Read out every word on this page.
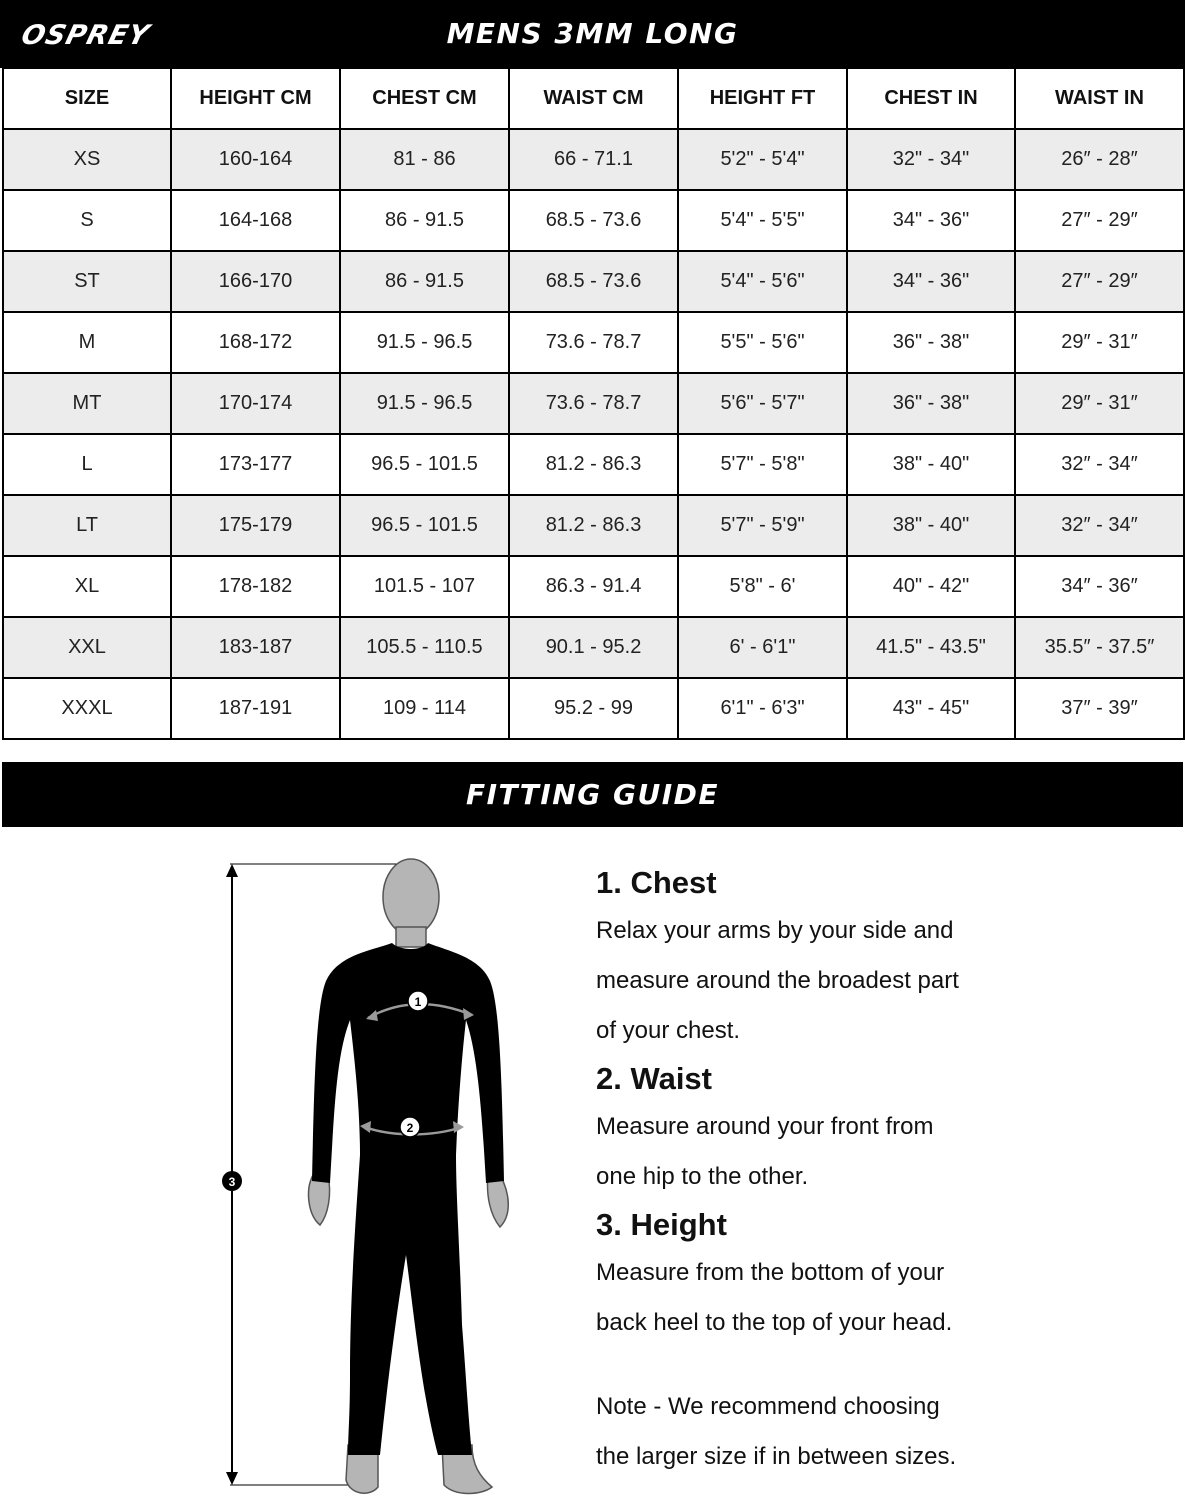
OSPREY	MENS 3MM LONG
SIZE	HEIGHT CM	CHEST CM	WAIST CM	HEIGHT FT	CHEST IN	WAIST IN
XS	160-164	81 - 86	66 - 71.1	5'2" - 5'4"	32" - 34"	26″ - 28″
S	164-168	86 - 91.5	68.5 - 73.6	5'4" - 5'5"	34" - 36"	27″ - 29″
ST	166-170	86 - 91.5	68.5 - 73.6	5'4" - 5'6"	34" - 36"	27″ - 29″
M	168-172	91.5 - 96.5	73.6 - 78.7	5'5" - 5'6"	36" - 38"	29″ - 31″
MT	170-174	91.5 - 96.5	73.6 - 78.7	5'6" - 5'7"	36" - 38"	29″ - 31″
L	173-177	96.5 - 101.5	81.2 - 86.3	5'7" - 5'8"	38" - 40"	32″ - 34″
LT	175-179	96.5 - 101.5	81.2 - 86.3	5'7" - 5'9"	38" - 40"	32″ - 34″
XL	178-182	101.5 - 107	86.3 - 91.4	5'8" - 6'	40" - 42"	34″ - 36″
XXL	183-187	105.5 - 110.5	90.1 - 95.2	6' - 6'1"	41.5" - 43.5"	35.5″ - 37.5″
XXXL	187-191	109 - 114	95.2 - 99	6'1" - 6'3"	43" - 45"	37″ - 39″
FITTING GUIDE
3
1
2

1. Chest

Relax your arms by your side and

measure around the broadest part

of your chest.

2. Waist

Measure around your front from

one hip to the other.

3. Height

Measure from the bottom of your

back heel to the top of your head.

Note - We recommend choosing

the larger size if in between sizes.
